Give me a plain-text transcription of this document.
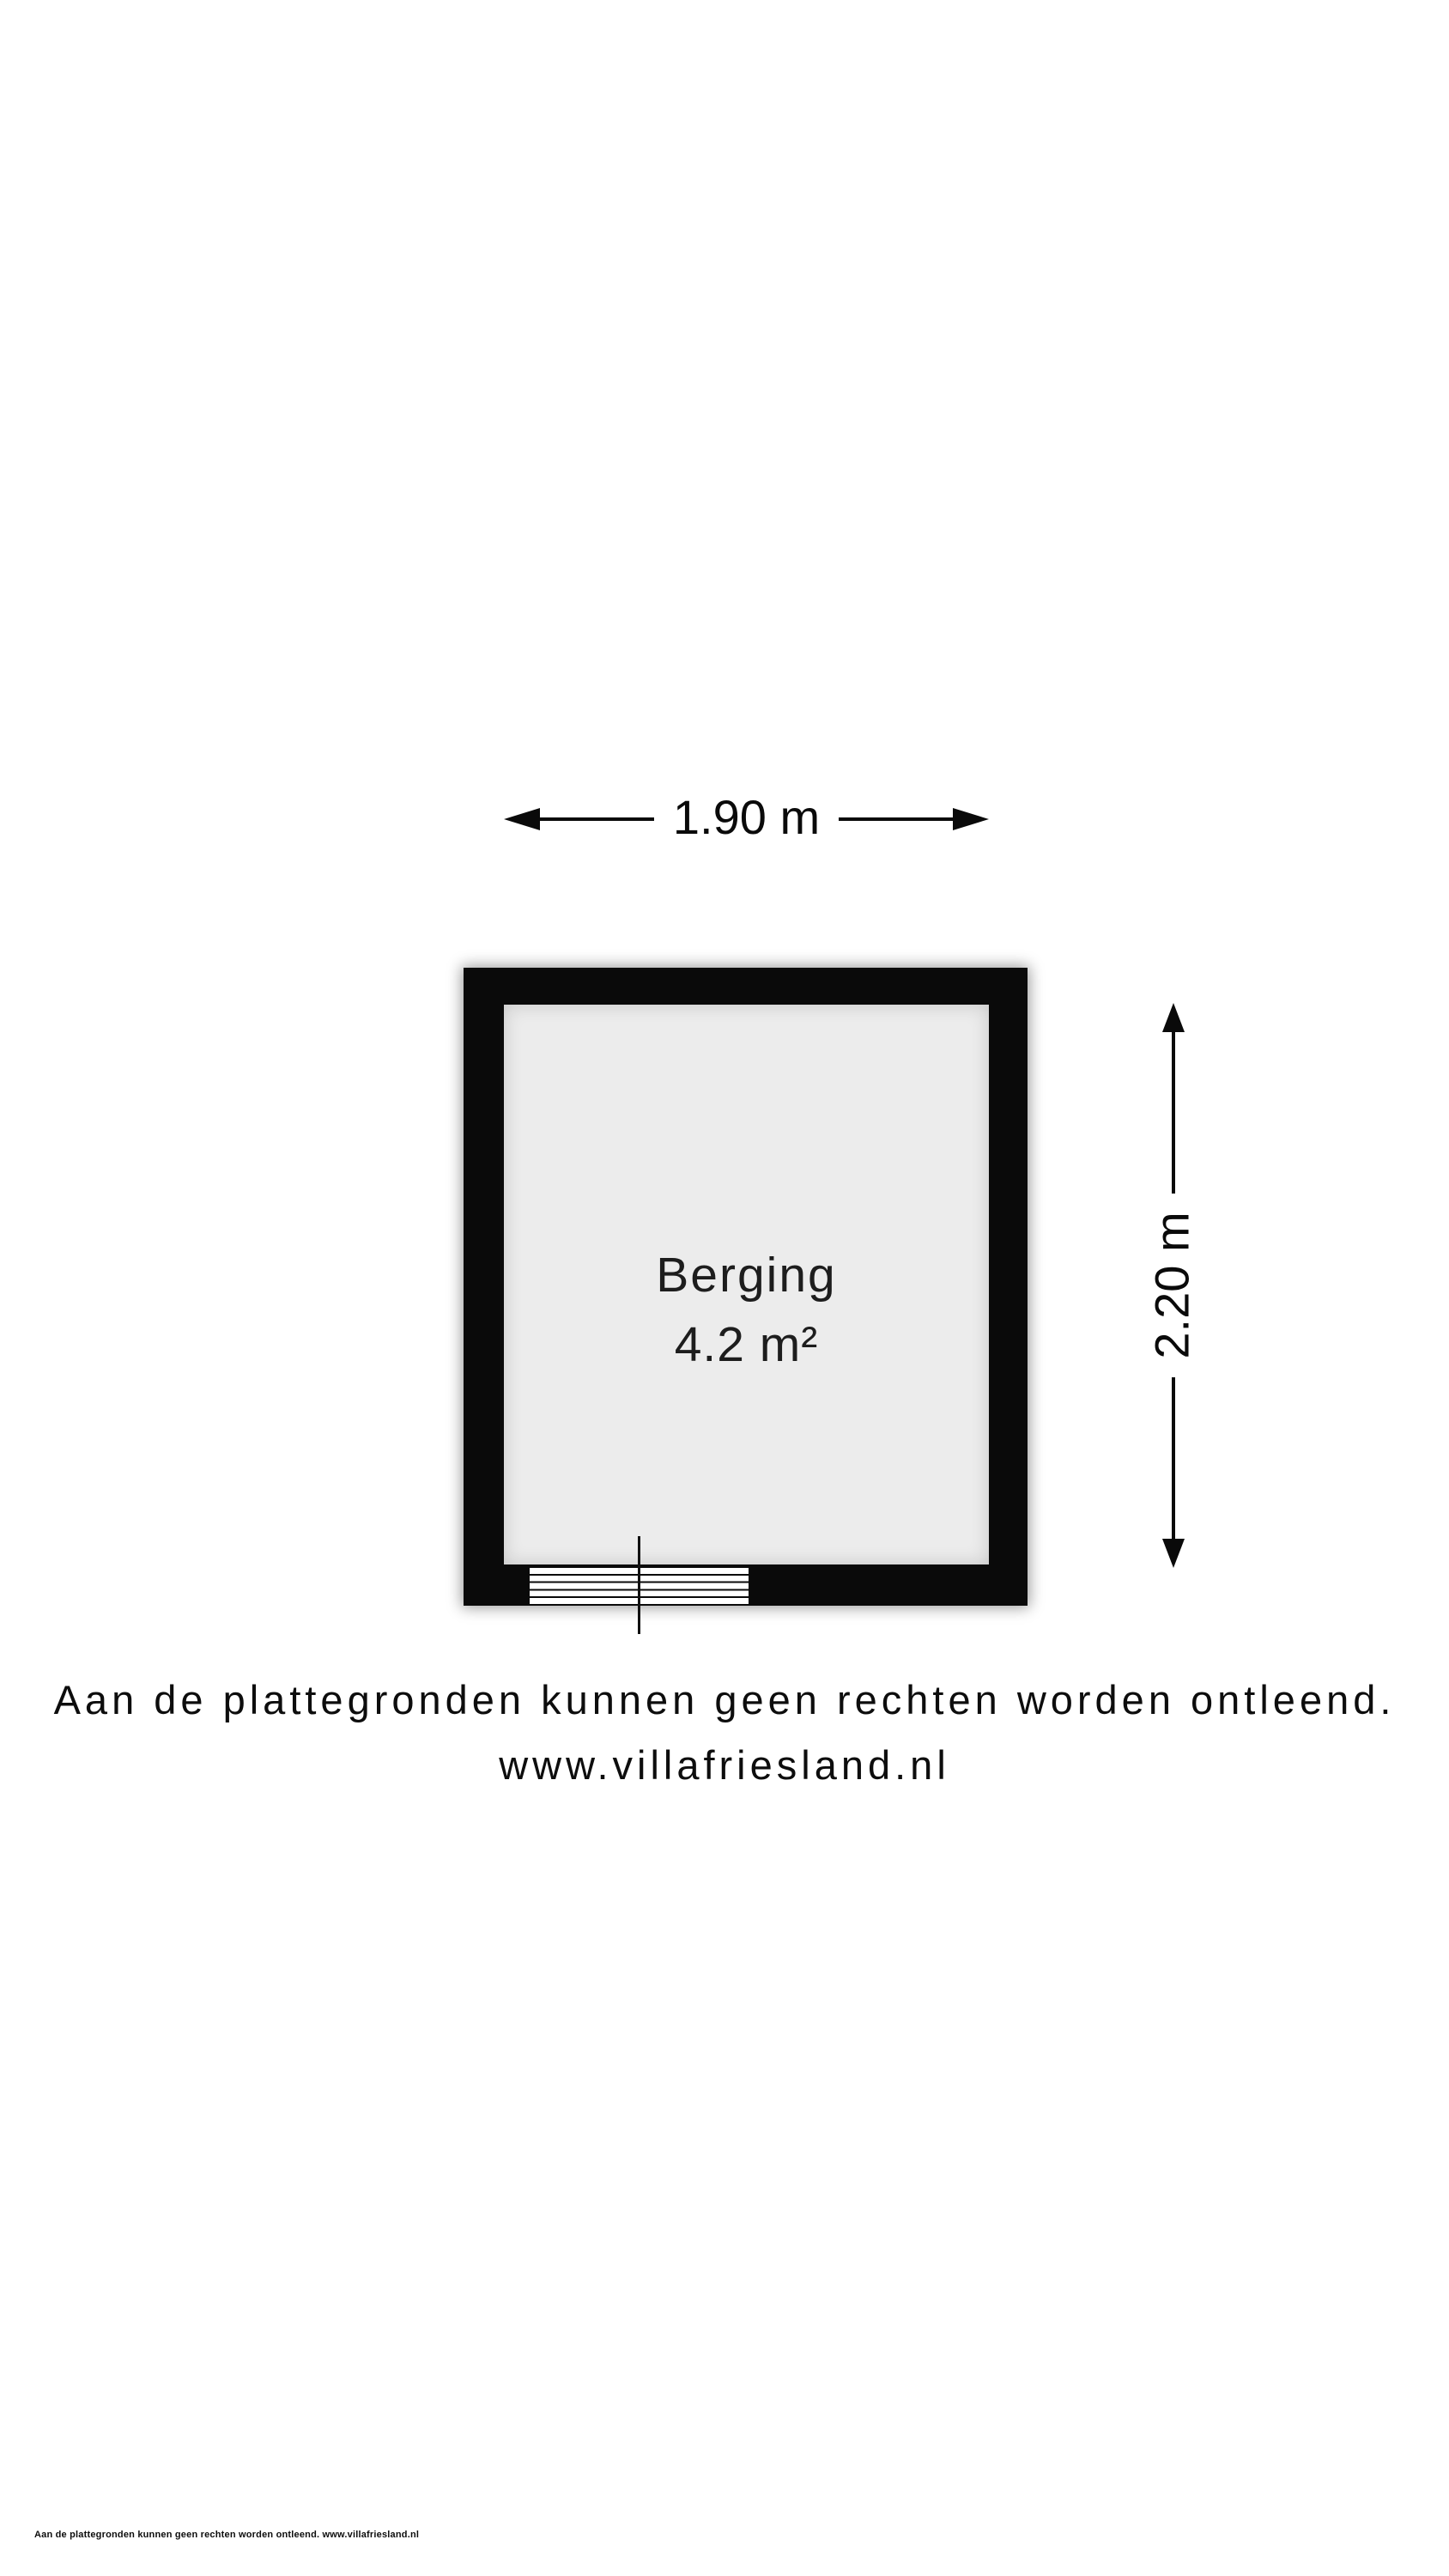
1.90 m
Berging
4.2 m²	2.20 m
Aan de plattegronden kunnen geen rechten worden ontleend.
www.villafriesland.nl
Aan de plattegronden kunnen geen rechten worden ontleend. www.villafriesland.nl
